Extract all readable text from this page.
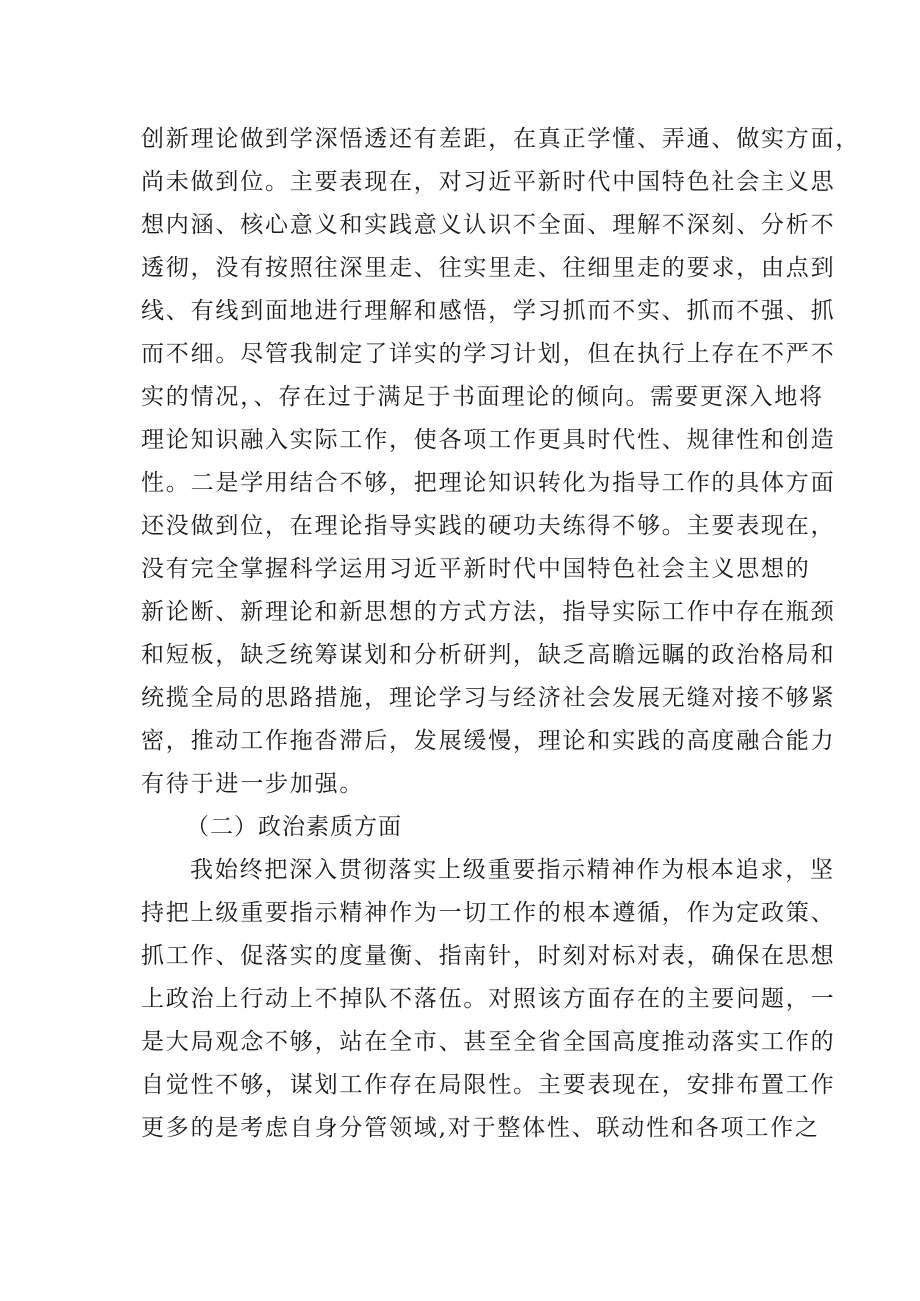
创新理论做到学深悟透还有差距，在真正学懂、弄通、做实方面，
尚未做到位。主要表现在，对习近平新时代中国特色社会主义思
想内涵、核心意义和实践意义认识不全面、理解不深刻、分析不
透彻，没有按照往深里走、往实里走、往细里走的要求，由点到
线、有线到面地进行理解和感悟，学习抓而不实、抓而不强、抓
而不细。尽管我制定了详实的学习计划，但在执行上存在不严不
实的情况，、存在过于满足于书面理论的倾向。需要更深入地将
理论知识融入实际工作，使各项工作更具时代性、规律性和创造
性。二是学用结合不够，把理论知识转化为指导工作的具体方面
还没做到位，在理论指导实践的硬功夫练得不够。主要表现在，
没有完全掌握科学运用习近平新时代中国特色社会主义思想的
新论断、新理论和新思想的方式方法，指导实际工作中存在瓶颈
和短板，缺乏统筹谋划和分析研判，缺乏高瞻远瞩的政治格局和
统揽全局的思路措施，理论学习与经济社会发展无缝对接不够紧
密，推动工作拖沓滞后，发展缓慢，理论和实践的高度融合能力
有待于进一步加强。
（二）政治素质方面
我始终把深入贯彻落实上级重要指示精神作为根本追求，坚
持把上级重要指示精神作为一切工作的根本遵循，作为定政策、
抓工作、促落实的度量衡、指南针，时刻对标对表，确保在思想
上政治上行动上不掉队不落伍。对照该方面存在的主要问题，一
是大局观念不够，站在全市、甚至全省全国高度推动落实工作的
自觉性不够，谋划工作存在局限性。主要表现在，安排布置工作
更多的是考虑自身分管领域,对于整体性、联动性和各项工作之
